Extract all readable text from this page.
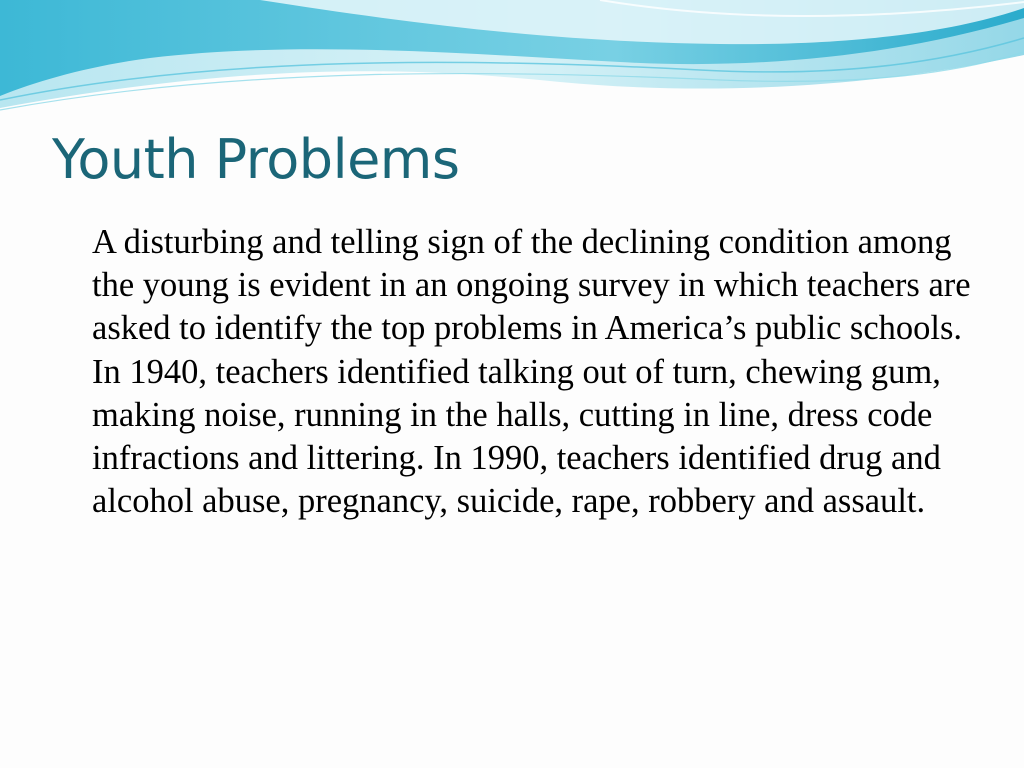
Youth Problems

A disturbing and telling sign of the declining condition among the young is evident in an ongoing survey in which teachers are asked to identify the top problems in America’s public schools. In 1940, teachers identified talking out of turn, chewing gum, making noise, running in the halls, cutting in line, dress code infractions and littering. In 1990, teachers identified drug and alcohol abuse, pregnancy, suicide, rape, robbery and assault.
